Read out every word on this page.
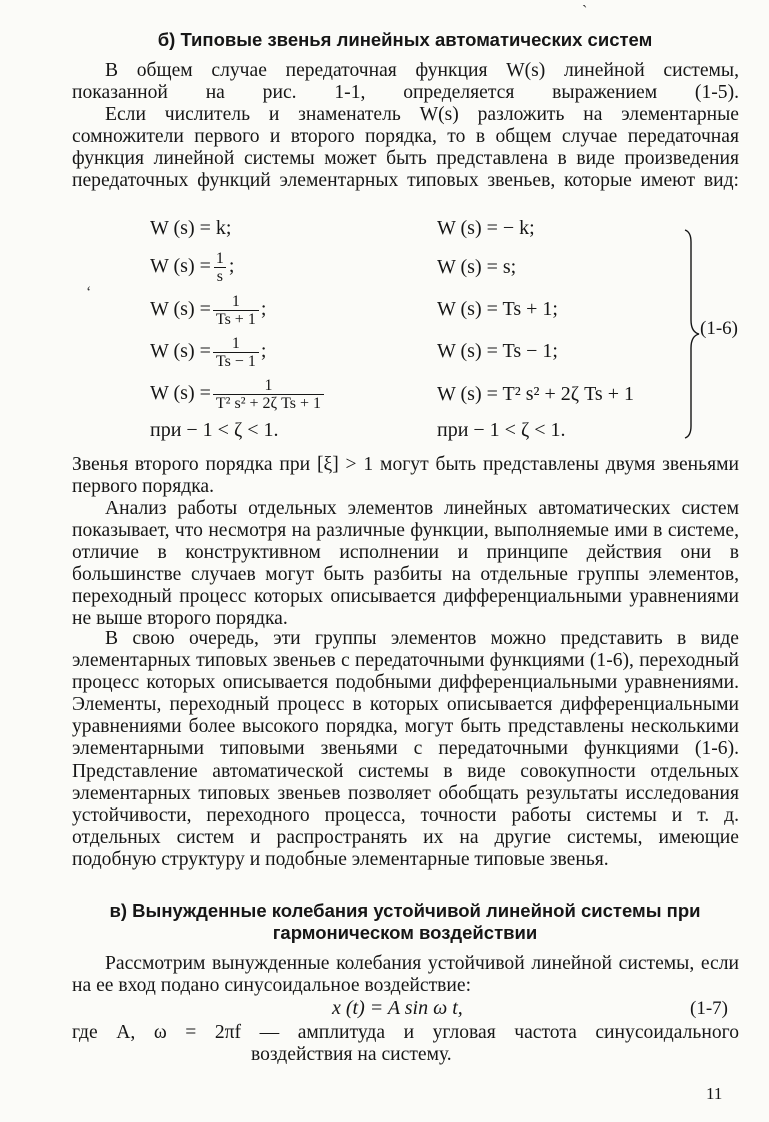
б) Типовые звенья линейных автоматических систем
В общем случае передаточная функция W(s) линейной системы, показанной на рис. 1-1, определяется выражением (1-5).
Если числитель и знаменатель W(s) разложить на элементарные сомножители первого и второго порядка, то в общем случае передаточная функция линейной системы может быть представлена в виде произведения передаточных функций элементарных типовых звеньев, которые имеют вид:
W (s) = k;
W $(s) = \frac{1}{s}$ ;
W $(s) = \frac{1}{Ts + 1}$ ;
W $(s) = \frac{1}{Ts - 1}$ ;
W $(s) = \frac{1}{\text{T² s² + 2ζ Ts + 1}}$
при − 1 < ζ < 1.
W (s) = − k;
W (s) = s;
W (s) = Ts + 1;
W (s) = Ts − 1;
W (s) = T² s² + 2ζ Ts + 1
при − 1 < ζ < 1.
(1-6)
Звенья второго порядка при [ξ] > 1 могут быть представлены двумя звеньями первого порядка.
Анализ работы отдельных элементов линейных автоматических систем показывает, что несмотря на различные функции, выполняемые ими в системе, отличие в конструктивном исполнении и принципе действия они в большинстве случаев могут быть разбиты на отдельные группы элементов, переходный процесс которых описывается дифференциальными уравнениями не выше второго порядка.
В свою очередь, эти группы элементов можно представить в виде элементарных типовых звеньев с передаточными функциями (1-6), переходный процесс которых описывается подобными дифференциальными уравнениями. Элементы, переходный процесс в которых описывается дифференциальными уравнениями более высокого порядка, могут быть представлены несколькими элементарными типовыми звеньями с передаточными функциями (1-6). Представление автоматической системы в виде совокупности отдельных элементарных типовых звеньев позволяет обобщать результаты исследования устойчивости, переходного процесса, точности работы системы и т. д. отдельных систем и распространять их на другие системы, имеющие подобную структуру и подобные элементарные типовые звенья.
в) Вынужденные колебания устойчивой линейной системы при гармоническом воздействии
Рассмотрим вынужденные колебания устойчивой линейной системы, если на ее вход подано синусоидальное воздействие:
x (t) = A sin ω t,	(1-7)
где A, ω = 2πf — амплитуда и угловая частота синусоидального
воздействия на систему.
11
`
ʻ
